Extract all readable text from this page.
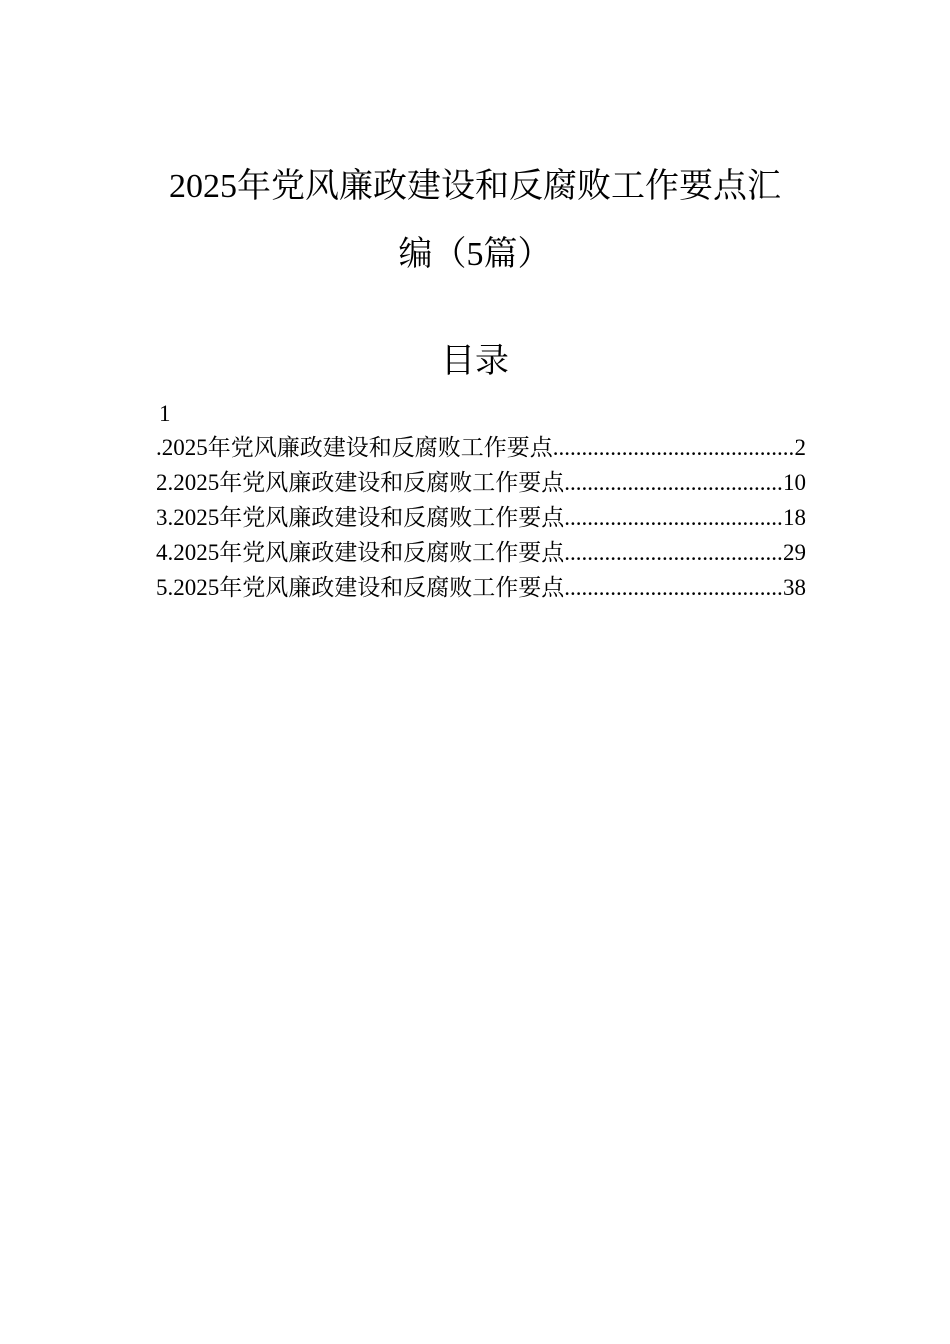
2025年党风廉政建设和反腐败工作要点汇
编（5篇）
目录
1
.2025年党风廉政建设和反腐败工作要点 .....	2
2.2025年党风廉政建设和反腐败工作要点 .....	10
3.2025年党风廉政建设和反腐败工作要点 .....	18
4.2025年党风廉政建设和反腐败工作要点 .....	29
5.2025年党风廉政建设和反腐败工作要点 .....	38
